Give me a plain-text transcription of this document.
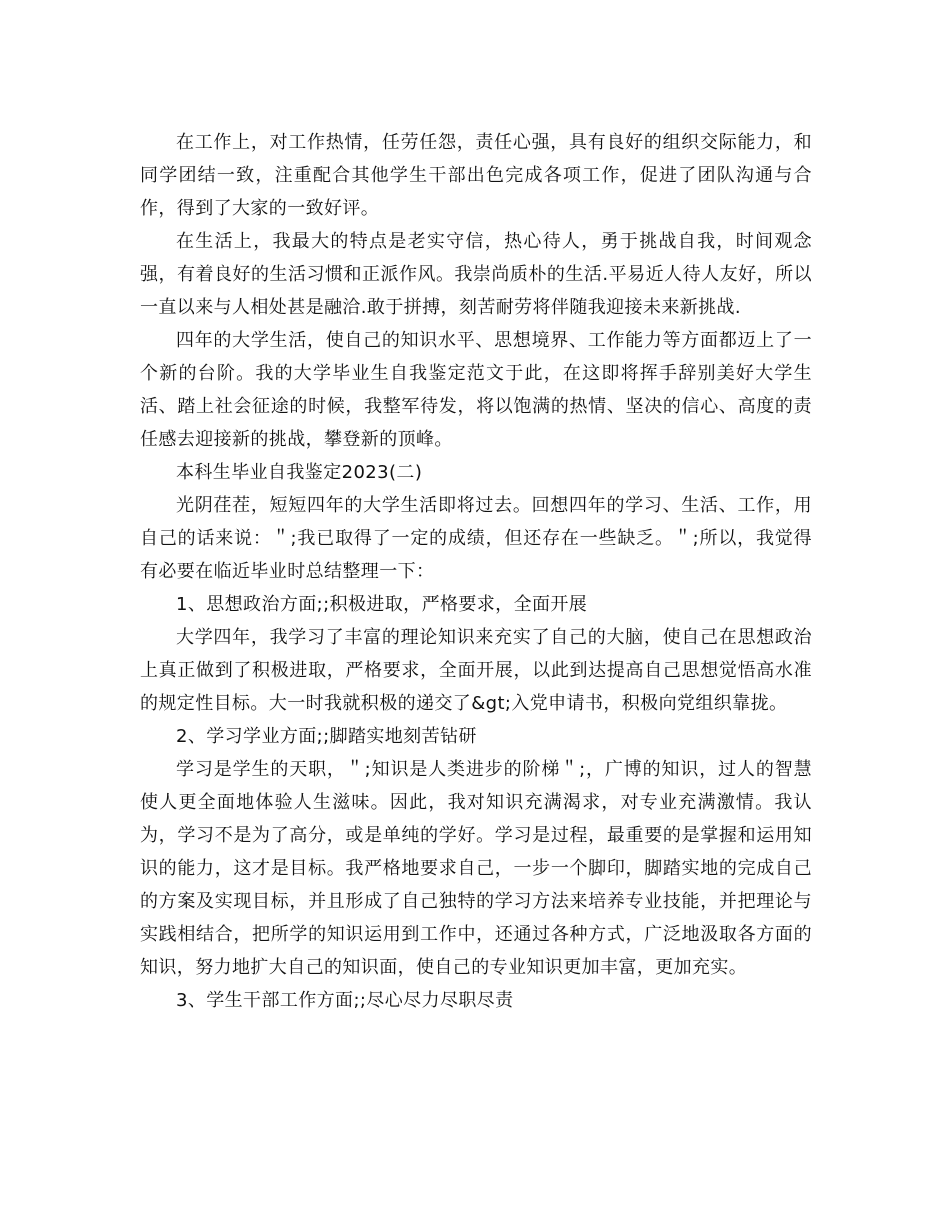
在工作上，对工作热情，任劳任怨，责任心强，具有良好的组织交际能力，和同学团结一致，注重配合其他学生干部出色完成各项工作，促进了团队沟通与合作，得到了大家的一致好评。

在生活上，我最大的特点是老实守信，热心待人，勇于挑战自我，时间观念强，有着良好的生活习惯和正派作风。我崇尚质朴的生活.平易近人待人友好，所以一直以来与人相处甚是融洽.敢于拼搏，刻苦耐劳将伴随我迎接未来新挑战.

四年的大学生活，使自己的知识水平、思想境界、工作能力等方面都迈上了一个新的台阶。我的大学毕业生自我鉴定范文于此，在这即将挥手辞别美好大学生活、踏上社会征途的时候，我整军待发，将以饱满的热情、坚决的信心、高度的责任感去迎接新的挑战，攀登新的顶峰。

本科生毕业自我鉴定2023(二)

光阴荏茬，短短四年的大学生活即将过去。回想四年的学习、生活、工作，用自己的话来说：＂;我已取得了一定的成绩，但还存在一些缺乏。＂;所以，我觉得有必要在临近毕业时总结整理一下：

1、思想政治方面;;积极进取，严格要求，全面开展

大学四年，我学习了丰富的理论知识来充实了自己的大脑，使自己在思想政治上真正做到了积极进取，严格要求，全面开展，以此到达提高自己思想觉悟高水准的规定性目标。大一时我就积极的递交了&gt;入党申请书，积极向党组织靠拢。

2、学习学业方面;;脚踏实地刻苦钻研

学习是学生的天职，＂;知识是人类进步的阶梯＂;，广博的知识，过人的智慧使人更全面地体验人生滋味。因此，我对知识充满渴求，对专业充满激情。我认为，学习不是为了高分，或是单纯的学好。学习是过程，最重要的是掌握和运用知识的能力，这才是目标。我严格地要求自己，一步一个脚印，脚踏实地的完成自己的方案及实现目标，并且形成了自己独特的学习方法来培养专业技能，并把理论与实践相结合，把所学的知识运用到工作中，还通过各种方式，广泛地汲取各方面的知识，努力地扩大自己的知识面，使自己的专业知识更加丰富，更加充实。

3、学生干部工作方面;;尽心尽力尽职尽责
